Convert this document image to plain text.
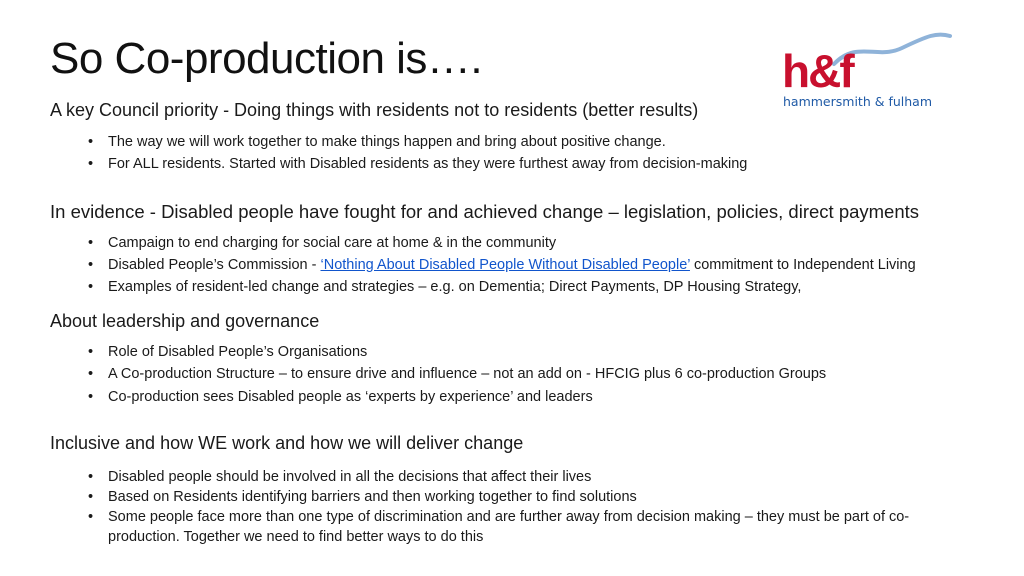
So Co-production is….	h&f
hammersmith & fulham

A key Council priority - Doing things with residents not to residents (better results)

• The way we will work together to make things happen and bring about positive change.
• For ALL residents. Started with Disabled residents as they were furthest away from decision-making

In evidence - Disabled people have fought for and achieved change – legislation, policies, direct payments

• Campaign to end charging for social care at home & in the community
• Disabled People’s Commission - ‘Nothing About Disabled People Without Disabled People’ commitment to Independent Living
• Examples of resident-led change and strategies – e.g. on Dementia; Direct Payments, DP Housing Strategy,

About leadership and governance

• Role of Disabled People’s Organisations
• A Co-production Structure – to ensure drive and influence – not an add on - HFCIG plus 6 co-production Groups
• Co-production sees Disabled people as ‘experts by experience’ and leaders

Inclusive and how WE work and how we will deliver change

• Disabled people should be involved in all the decisions that affect their lives
• Based on Residents identifying barriers and then working together to find solutions
• Some people face more than one type of discrimination and are further away from decision making – they must be part of co-production. Together we need to find better ways to do this
